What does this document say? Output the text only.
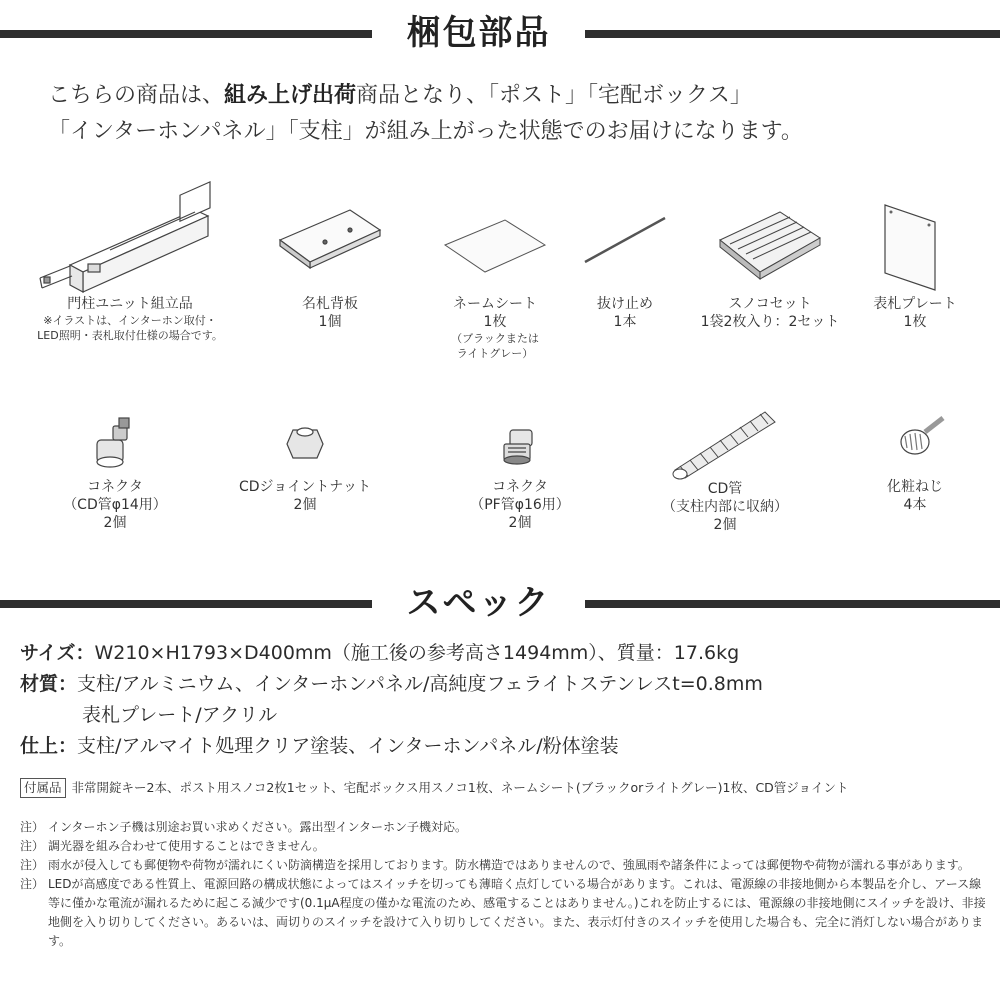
梱包部品
こちらの商品は、組み上げ出荷商品となり、「ポスト」「宅配ボックス」
「インターホンパネル」「支柱」が組み上がった状態でのお届けになります。
門柱ユニット組立品
※イラストは、インターホン取付・
LED照明・表札取付仕様の場合です。
名札背板
1個
ネームシート
1枚
（ブラックまたは
ライトグレー）
抜け止め
1本
スノコセット
1袋2枚入り：2セット
表札プレート
1枚
コネクタ
（CD管φ14用）
2個
CDジョイントナット
2個
コネクタ
（PF管φ16用）
2個
CD管
（支柱内部に収納）
2個
化粧ねじ
4本
スペック
サイズ：W210×H1793×D400mm（施工後の参考高さ1494mm）、質量：17.6kg
材質：支柱/アルミニウム、インターホンパネル/高純度フェライトステンレスt=0.8mm
表札プレート/アクリル
仕上：支柱/アルマイト処理クリア塗装、インターホンパネル/粉体塗装
付属品 非常開錠キー2本、ポスト用スノコ2枚1セット、宅配ボックス用スノコ1枚、ネームシート(ブラックorライトグレー)1枚、CD管ジョイント
注） インターホン子機は別途お買い求めください。露出型インターホン子機対応。
注） 調光器を組み合わせて使用することはできません。
注） 雨水が侵入しても郵便物や荷物が濡れにくい防滴構造を採用しております。防水構造ではありませんので、強風雨や諸条件によっては郵便物や荷物が濡れる事があります。
注） LEDが高感度である性質上、電源回路の構成状態によってはスイッチを切っても薄暗く点灯している場合があります。これは、電源線の非接地側から本製品を介し、アース線等に僅かな電流が漏れるために起こる減少です(0.1μA程度の僅かな電流のため、感電することはありません。)これを防止するには、電源線の非接地側にスイッチを設け、非接地側を入り切りしてください。あるいは、両切りのスイッチを設けて入り切りしてください。また、表示灯付きのスイッチを使用した場合も、完全に消灯しない場合があります。
